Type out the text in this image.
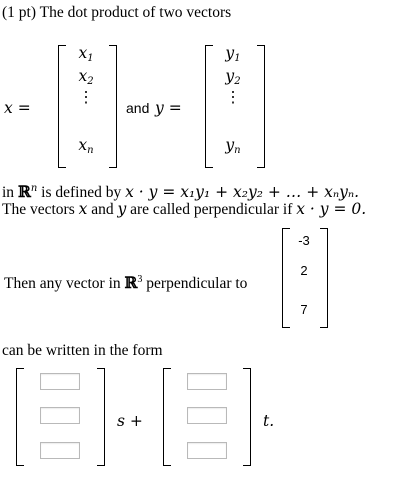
(1 pt) The dot product of two vectors
x =
$x_1$
$x_2$
⋮
$x_n$
and y =
$y_1$
$y_2$
⋮
$y_n$
in ℝ$^n$ is defined by x · y = x₁y₁ + x₂y₂ + … + xₙyₙ.
The vectors x and y are called perpendicular if x · y = 0.
Then any vector in ℝ$^3$ perpendicular to
-3
2
7
can be written in the form
s +	t.
